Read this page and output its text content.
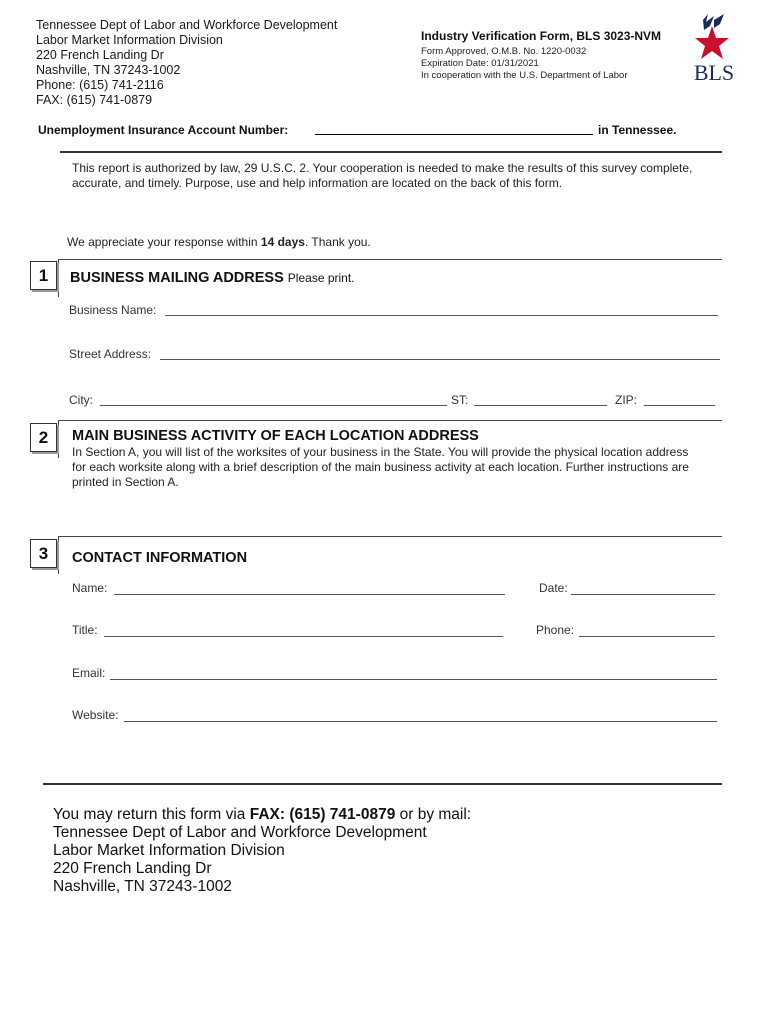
Tennessee Dept of Labor and Workforce Development
Labor Market Information Division
220 French Landing Dr
Nashville, TN 37243-1002
Phone: (615) 741-2116
FAX: (615) 741-0879
Industry Verification Form, BLS 3023-NVM
Form Approved, O.M.B. No. 1220-0032
Expiration Date: 01/31/2021
In cooperation with the U.S. Department of Labor	BLS
Unemployment Insurance Account Number:	in Tennessee.
This report is authorized by law, 29 U.S.C. 2. Your cooperation is needed to make the results of this survey complete, accurate, and timely. Purpose, use and help information are located on the back of this form.
We appreciate your response within 14 days. Thank you.
1	BUSINESS MAILING ADDRESS Please print.
Business Name:
Street Address:
City:	ST:	ZIP:
2	MAIN BUSINESS ACTIVITY OF EACH LOCATION ADDRESS
In Section A, you will list of the worksites of your business in the State. You will provide the physical location address for each worksite along with a brief description of the main business activity at each location. Further instructions are printed in Section A.
3	CONTACT INFORMATION
Name:	Date:
Title:	Phone:
Email:
Website:
You may return this form via FAX: (615) 741-0879 or by mail:
Tennessee Dept of Labor and Workforce Development
Labor Market Information Division
220 French Landing Dr
Nashville, TN 37243-1002
